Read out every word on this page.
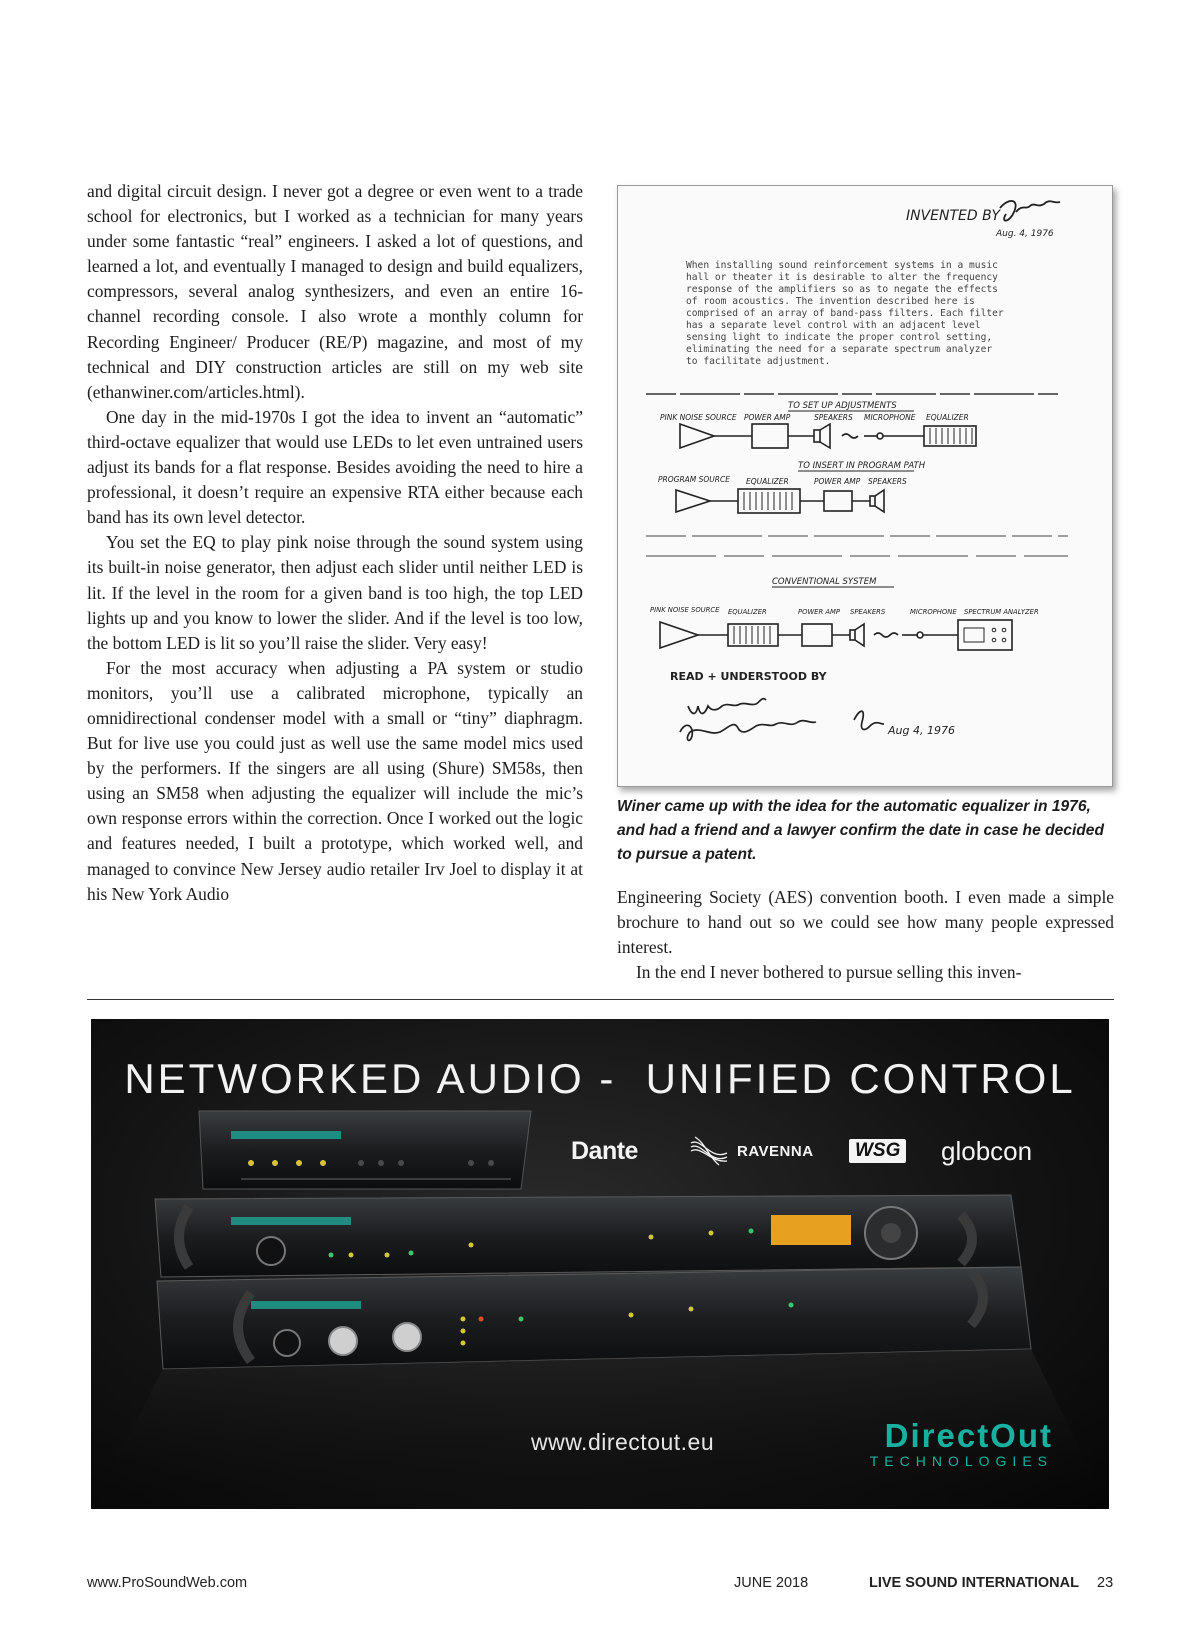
and digital circuit design. I never got a degree or even went to a trade school for electronics, but I worked as a technician for many years under some fantastic “real” engineers. I asked a lot of questions, and learned a lot, and eventually I managed to design and build equalizers, compressors, several analog synthesizers, and even an entire 16-channel recording console. I also wrote a monthly column for Recording Engineer/ Producer (RE/P) magazine, and most of my technical and DIY construction articles are still on my web site (ethanwiner.com/articles.html).

One day in the mid-1970s I got the idea to invent an “automatic” third-octave equalizer that would use LEDs to let even untrained users adjust its bands for a flat response. Besides avoiding the need to hire a professional, it doesn’t require an expensive RTA either because each band has its own level detector.

You set the EQ to play pink noise through the sound system using its built-in noise generator, then adjust each slider until neither LED is lit. If the level in the room for a given band is too high, the top LED lights up and you know to lower the slider. And if the level is too low, the bottom LED is lit so you’ll raise the slider. Very easy!

For the most accuracy when adjusting a PA system or studio monitors, you’ll use a calibrated microphone, typically an omnidirectional condenser model with a small or “tiny” diaphragm. But for live use you could just as well use the same model mics used by the performers. If the singers are all using (Shure) SM58s, then using an SM58 when adjusting the equalizer will include the mic’s own response errors within the correction. Once I worked out the logic and features needed, I built a prototype, which worked well, and managed to convince New Jersey audio retailer Irv Joel to display it at his New York Audio

INVENTED BY
Aug. 4, 1976
When installing sound reinforcement systems in a music
hall or theater it is desirable to alter the frequency
response of the amplifiers so as to negate the effects
of room acoustics. The invention described here is
comprised of an array of band-pass filters. Each filter
has a separate level control with an adjacent level
sensing light to indicate the proper control setting,
eliminating the need for a separate spectrum analyzer
to facilitate adjustment.
TO SET UP ADJUSTMENTS
PINK NOISE SOURCE POWER AMP	SPEAKERS MICROPHONE EQUALIZER
TO INSERT IN PROGRAM PATH
PROGRAM SOURCE EQUALIZER	POWER AMP SPEAKERS
CONVENTIONAL SYSTEM
PINK NOISE SOURCE EQUALIZER	POWER AMP SPEAKERS	MICROPHONE SPECTRUM ANALYZER
READ + UNDERSTOOD BY
Aug 4, 1976
Winer came up with the idea for the automatic equalizer in 1976, and had a friend and a lawyer confirm the date in case he decided to pursue a patent.

Engineering Society (AES) convention booth. I even made a simple brochure to hand out so we could see how many people expressed interest.

In the end I never bothered to pursue selling this inven-

NETWORKED AUDIO -  UNIFIED CONTROL
Dante	RAVENNA	WSG globcon
www.directout.eu	DirectOut
TECHNOLOGIES
www.ProSoundWeb.com	JUNE 2018	LIVE SOUND INTERNATIONAL 23
